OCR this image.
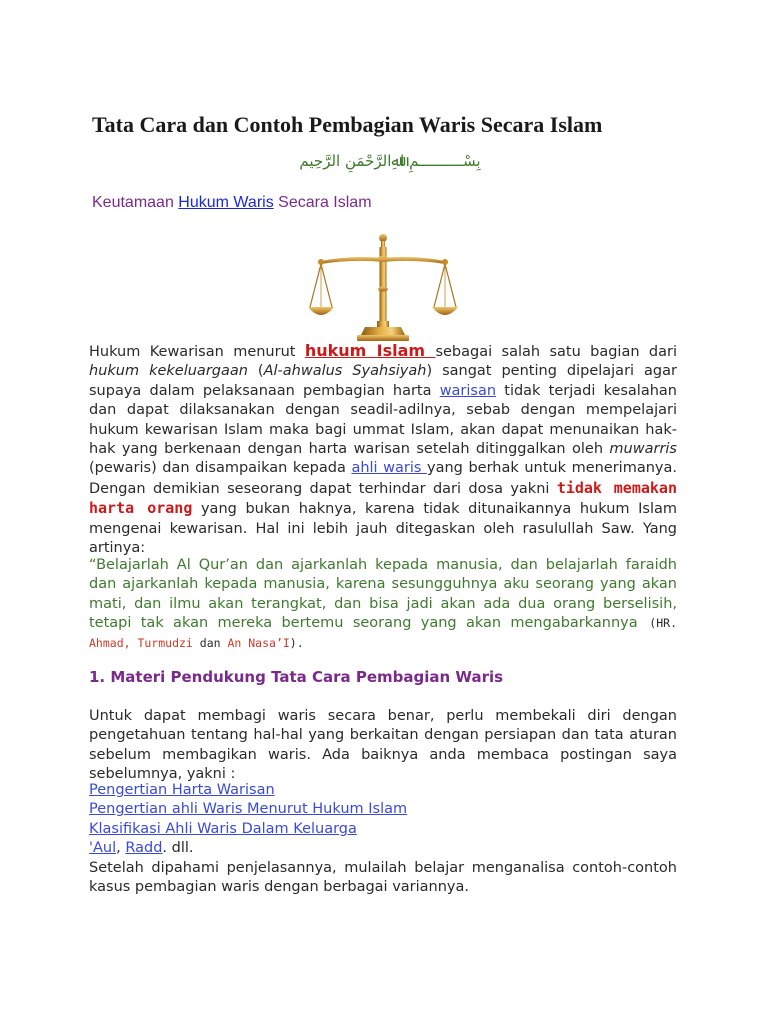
Tata Cara dan Contoh Pembagian Waris Secara Islam
بِسْــــــــــمِ اﷲِالرَّحْمَنِ الرَّحِيم
Keutamaan Hukum Waris Secara Islam

Hukum Kewarisan menurut hukum Islam sebagai salah satu bagian dari hukum kekeluargaan (Al-ahwalus Syahsiyah) sangat penting dipelajari agar supaya dalam pelaksanaan pembagian harta warisan tidak terjadi kesalahan dan dapat dilaksanakan dengan seadil-adilnya, sebab dengan mempelajari hukum kewarisan Islam maka bagi ummat Islam, akan dapat menunaikan hak-hak yang berkenaan dengan harta warisan setelah ditinggalkan oleh muwarris (pewaris) dan disampaikan kepada ahli waris yang berhak untuk menerimanya. Dengan demikian seseorang dapat terhindar dari dosa yakni tidak memakan harta orang yang bukan haknya, karena tidak ditunaikannya hukum Islam mengenai kewarisan. Hal ini lebih jauh ditegaskan oleh rasulullah Saw. Yang artinya:

“Belajarlah Al Qur’an dan ajarkanlah kepada manusia, dan belajarlah faraidh dan ajarkanlah kepada manusia, karena sesungguhnya aku seorang yang akan mati, dan ilmu akan terangkat, dan bisa jadi akan ada dua orang berselisih, tetapi tak akan mereka bertemu seorang yang akan mengabarkannya (HR. Ahmad, Turmudzi dan An Nasa’I).

1. Materi Pendukung Tata Cara Pembagian Waris

Untuk dapat membagi waris secara benar, perlu membekali diri dengan pengetahuan tentang hal-hal yang berkaitan dengan persiapan dan tata aturan sebelum membagikan waris. Ada baiknya anda membaca postingan saya sebelumnya, yakni :

Pengertian Harta Warisan
Pengertian ahli Waris Menurut Hukum Islam
Klasifikasi Ahli Waris Dalam Keluarga
'Aul, Radd. dll.

Setelah dipahami penjelasannya, mulailah belajar menganalisa contoh-contoh kasus pembagian waris dengan berbagai variannya.
